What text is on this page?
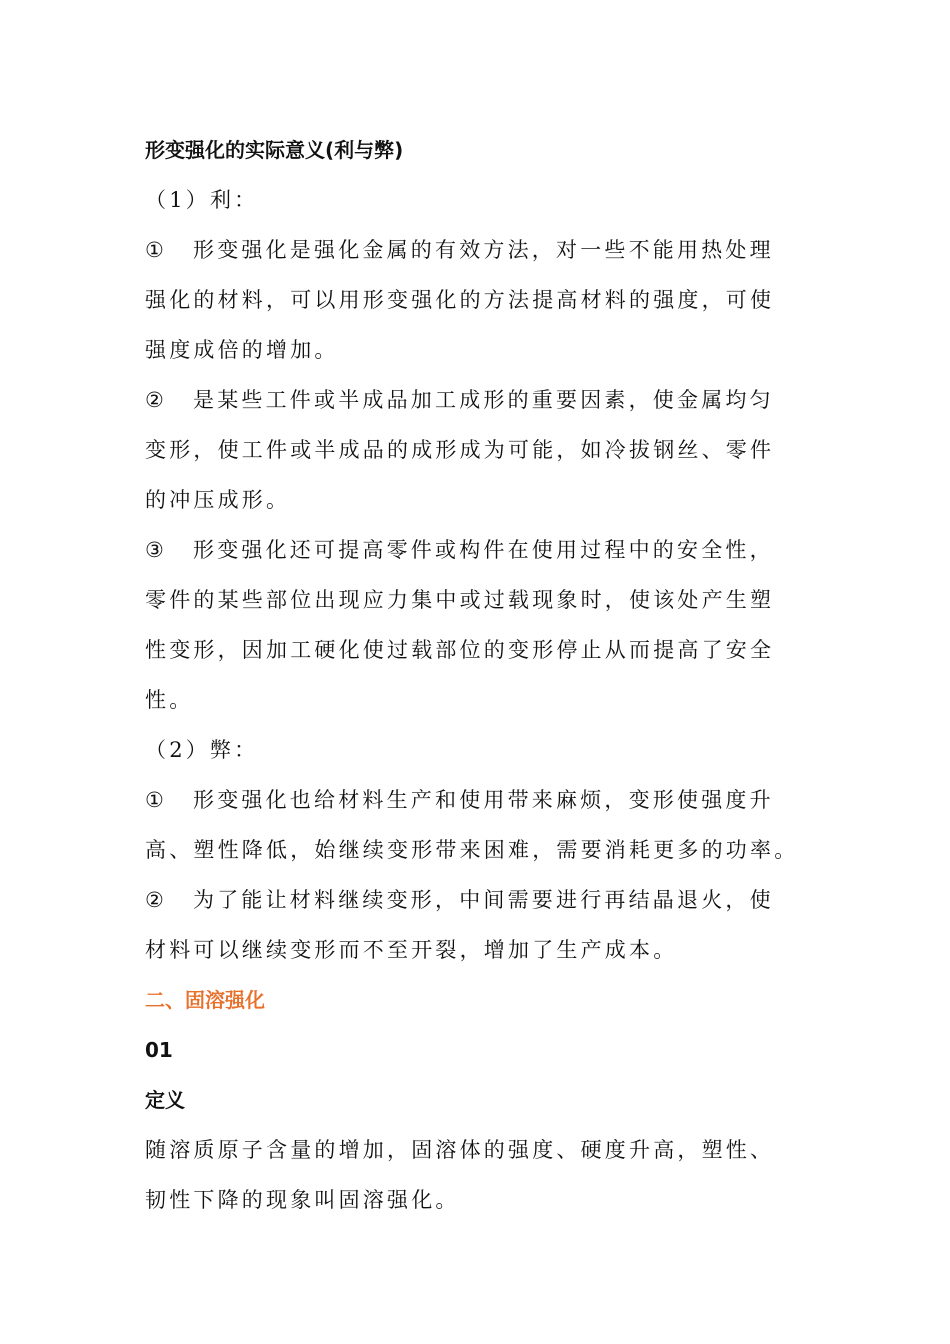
形变强化的实际意义(利与弊)
（1）利：
① 形变强化是强化金属的有效方法，对一些不能用热处理
强化的材料，可以用形变强化的方法提高材料的强度，可使
强度成倍的增加。
② 是某些工件或半成品加工成形的重要因素，使金属均匀
变形，使工件或半成品的成形成为可能，如冷拔钢丝、零件
的冲压成形。
③ 形变强化还可提高零件或构件在使用过程中的安全性，
零件的某些部位出现应力集中或过载现象时，使该处产生塑
性变形，因加工硬化使过载部位的变形停止从而提高了安全
性。
（2）弊：
① 形变强化也给材料生产和使用带来麻烦，变形使强度升
高、塑性降低，始继续变形带来困难，需要消耗更多的功率。
② 为了能让材料继续变形，中间需要进行再结晶退火，使
材料可以继续变形而不至开裂，增加了生产成本。
二、固溶强化
01
定义
随溶质原子含量的增加，固溶体的强度、硬度升高，塑性、
韧性下降的现象叫固溶强化。
